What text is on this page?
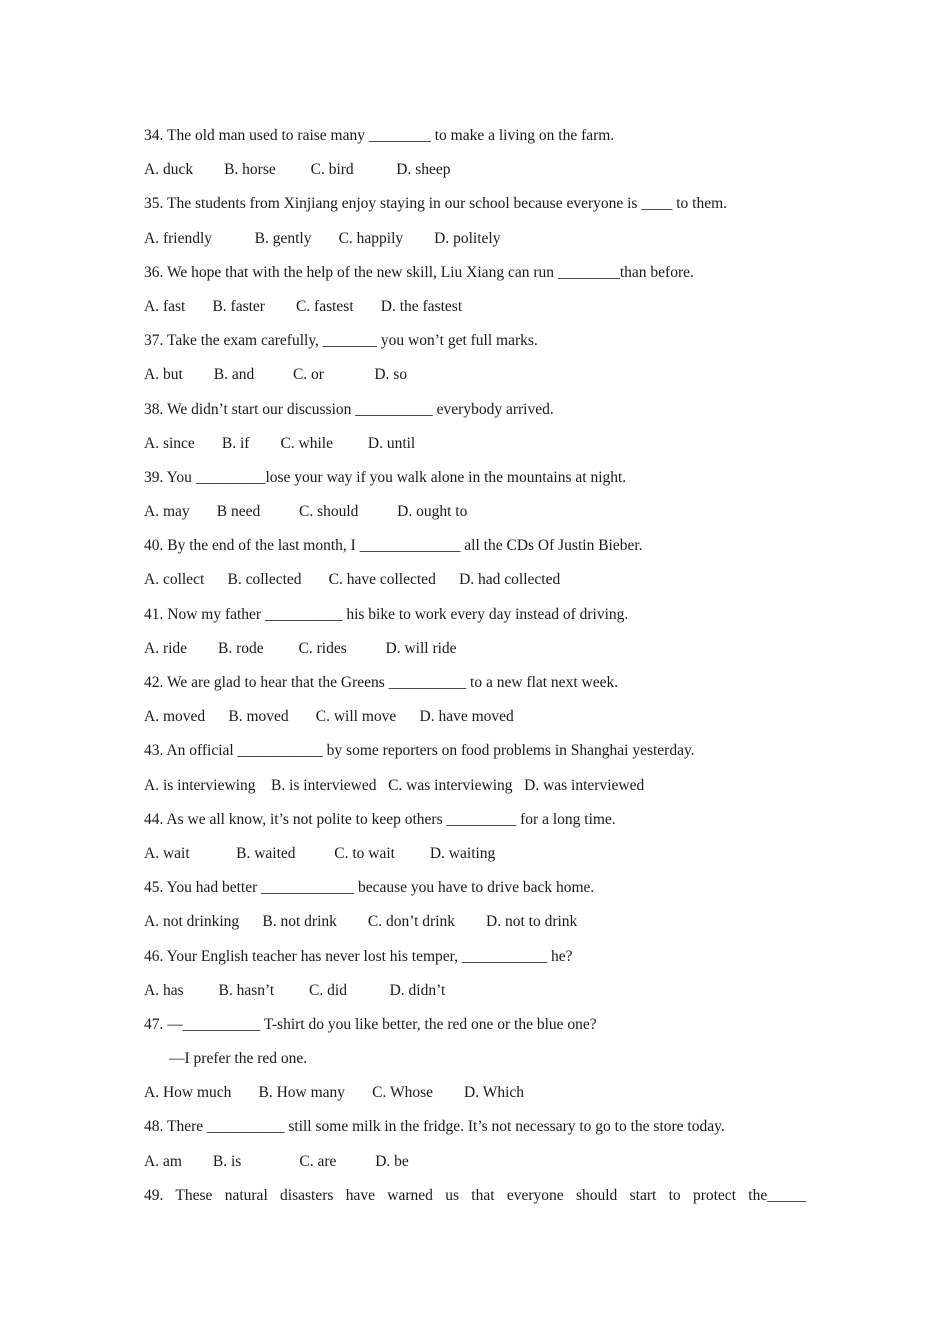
34. The old man used to raise many ________ to make a living on the farm.
A. duck        B. horse         C. bird           D. sheep
35. The students from Xinjiang enjoy staying in our school because everyone is ____ to them.
A. friendly           B. gently       C. happily        D. politely
36. We hope that with the help of the new skill, Liu Xiang can run ________than before.
A. fast       B. faster        C. fastest       D. the fastest
37. Take the exam carefully, _______ you won’t get full marks.
A. but        B. and          C. or             D. so
38. We didn’t start our discussion __________ everybody arrived.
A. since       B. if        C. while         D. until
39. You _________lose your way if you walk alone in the mountains at night.
A. may       B need          C. should          D. ought to
40. By the end of the last month, I _____________ all the CDs Of Justin Bieber.
A. collect      B. collected       C. have collected      D. had collected
41. Now my father __________ his bike to work every day instead of driving.
A. ride        B. rode         C. rides          D. will ride
42. We are glad to hear that the Greens __________ to a new flat next week.
A. moved      B. moved       C. will move      D. have moved
43. An official ___________ by some reporters on food problems in Shanghai yesterday.
A. is interviewing    B. is interviewed   C. was interviewing   D. was interviewed
44. As we all know, it’s not polite to keep others _________ for a long time.
A. wait            B. waited          C. to wait         D. waiting
45. You had better ____________ because you have to drive back home.
A. not drinking      B. not drink        C. don’t drink        D. not to drink
46. Your English teacher has never lost his temper, ___________ he?
A. has         B. hasn’t         C. did           D. didn’t
47. —__________ T-shirt do you like better, the red one or the blue one?
—I prefer the red one.
A. How much       B. How many       C. Whose        D. Which
48. There __________ still some milk in the fridge. It’s not necessary to go to the store today.
A. am        B. is               C. are          D. be
49. These natural disasters have warned us that everyone should start to protect the_____
